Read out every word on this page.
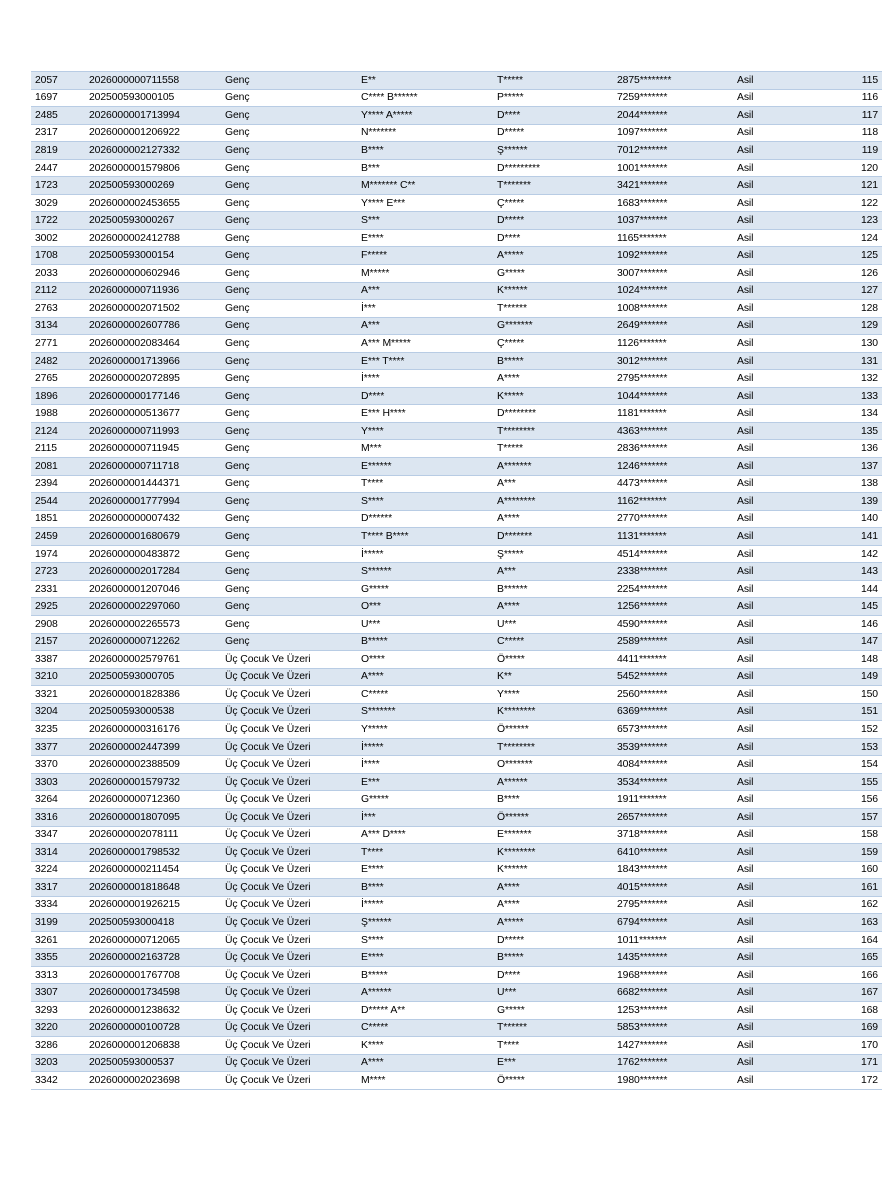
2057	2026000000711558	Genç	E**	T*****	2875********	Asil	115
1697	202500593000105	Genç	C**** B******	P*****	7259*******	Asil	116
2485	2026000001713994	Genç	Y**** A*****	D****	2044*******	Asil	117
2317	2026000001206922	Genç	N*******	D*****	1097*******	Asil	118
2819	2026000002127332	Genç	B****	Ş******	7012*******	Asil	119
2447	2026000001579806	Genç	B***	D*********	1001*******	Asil	120
1723	202500593000269	Genç	M******* C**	T*******	3421*******	Asil	121
3029	2026000002453655	Genç	Y**** E***	Ç*****	1683*******	Asil	122
1722	202500593000267	Genç	S***	D*****	1037*******	Asil	123
3002	2026000002412788	Genç	E****	D****	1165*******	Asil	124
1708	202500593000154	Genç	F*****	A*****	1092*******	Asil	125
2033	2026000000602946	Genç	M*****	G*****	3007*******	Asil	126
2112	2026000000711936	Genç	A***	K******	1024*******	Asil	127
2763	2026000002071502	Genç	İ***	T******	1008*******	Asil	128
3134	2026000002607786	Genç	A***	G*******	2649*******	Asil	129
2771	2026000002083464	Genç	A*** M*****	Ç*****	1126*******	Asil	130
2482	2026000001713966	Genç	E*** T****	B*****	3012*******	Asil	131
2765	2026000002072895	Genç	İ****	A****	2795*******	Asil	132
1896	2026000000177146	Genç	D****	K*****	1044*******	Asil	133
1988	2026000000513677	Genç	E*** H****	D********	1181*******	Asil	134
2124	2026000000711993	Genç	Y****	T********	4363*******	Asil	135
2115	2026000000711945	Genç	M***	T*****	2836*******	Asil	136
2081	2026000000711718	Genç	E******	A*******	1246*******	Asil	137
2394	2026000001444371	Genç	T****	A***	4473*******	Asil	138
2544	2026000001777994	Genç	S****	A********	1162*******	Asil	139
1851	2026000000007432	Genç	D******	A****	2770*******	Asil	140
2459	2026000001680679	Genç	T**** B****	D*******	1131*******	Asil	141
1974	2026000000483872	Genç	İ*****	Ş*****	4514*******	Asil	142
2723	2026000002017284	Genç	S******	A***	2338*******	Asil	143
2331	2026000001207046	Genç	G*****	B******	2254*******	Asil	144
2925	2026000002297060	Genç	O***	A****	1256*******	Asil	145
2908	2026000002265573	Genç	U***	U***	4590*******	Asil	146
2157	2026000000712262	Genç	B*****	C*****	2589*******	Asil	147
3387	2026000002579761	Üç Çocuk Ve Üzeri	O****	Ö*****	4411*******	Asil	148
3210	202500593000705	Üç Çocuk Ve Üzeri	A****	K**	5452*******	Asil	149
3321	2026000001828386	Üç Çocuk Ve Üzeri	C*****	Y****	2560*******	Asil	150
3204	202500593000538	Üç Çocuk Ve Üzeri	S*******	K********	6369*******	Asil	151
3235	2026000000316176	Üç Çocuk Ve Üzeri	Y*****	Ö******	6573*******	Asil	152
3377	2026000002447399	Üç Çocuk Ve Üzeri	İ*****	T********	3539*******	Asil	153
3370	2026000002388509	Üç Çocuk Ve Üzeri	İ****	O*******	4084*******	Asil	154
3303	2026000001579732	Üç Çocuk Ve Üzeri	E***	A******	3534*******	Asil	155
3264	2026000000712360	Üç Çocuk Ve Üzeri	G*****	B****	1911*******	Asil	156
3316	2026000001807095	Üç Çocuk Ve Üzeri	İ***	Ö******	2657*******	Asil	157
3347	2026000002078111	Üç Çocuk Ve Üzeri	A*** D****	E*******	3718*******	Asil	158
3314	2026000001798532	Üç Çocuk Ve Üzeri	T****	K********	6410*******	Asil	159
3224	2026000000211454	Üç Çocuk Ve Üzeri	E****	K******	1843*******	Asil	160
3317	2026000001818648	Üç Çocuk Ve Üzeri	B****	A****	4015*******	Asil	161
3334	2026000001926215	Üç Çocuk Ve Üzeri	İ*****	A****	2795*******	Asil	162
3199	202500593000418	Üç Çocuk Ve Üzeri	Ş******	A*****	6794*******	Asil	163
3261	2026000000712065	Üç Çocuk Ve Üzeri	S****	D*****	1011*******	Asil	164
3355	2026000002163728	Üç Çocuk Ve Üzeri	E****	B*****	1435*******	Asil	165
3313	2026000001767708	Üç Çocuk Ve Üzeri	B*****	D****	1968*******	Asil	166
3307	2026000001734598	Üç Çocuk Ve Üzeri	A******	U***	6682*******	Asil	167
3293	2026000001238632	Üç Çocuk Ve Üzeri	D***** A**	G*****	1253*******	Asil	168
3220	2026000000100728	Üç Çocuk Ve Üzeri	C*****	T******	5853*******	Asil	169
3286	2026000001206838	Üç Çocuk Ve Üzeri	K****	T****	1427*******	Asil	170
3203	202500593000537	Üç Çocuk Ve Üzeri	A****	E***	1762*******	Asil	171
3342	2026000002023698	Üç Çocuk Ve Üzeri	M****	Ö*****	1980*******	Asil	172
